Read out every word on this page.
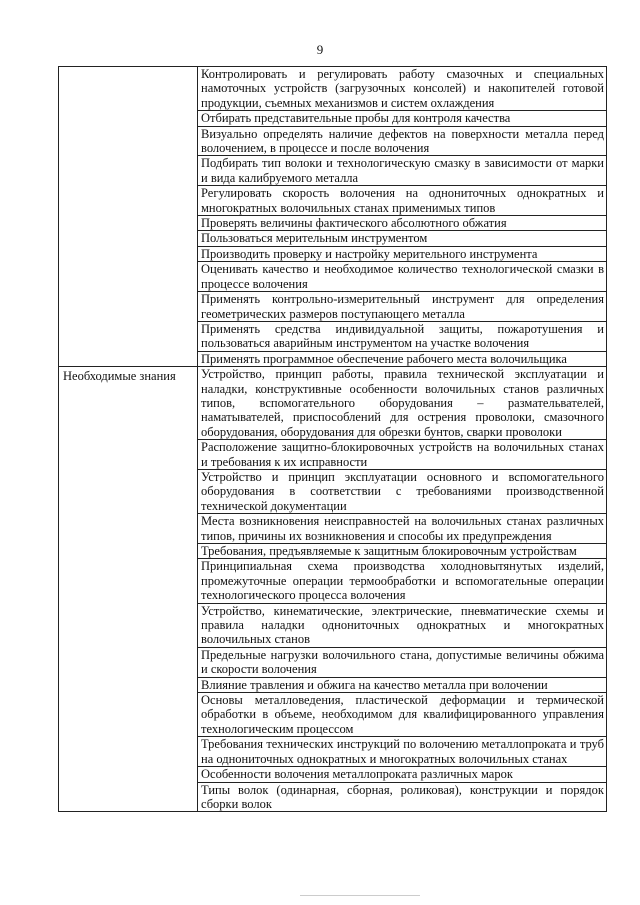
9
	Контролировать и регулировать работу смазочных и специальных намоточных устройств (загрузочных консолей) и накопителей готовой продукции, съемных механизмов и систем охлаждения
	Отбирать представительные пробы для контроля качества
	Визуально определять наличие дефектов на поверхности металла перед волочением, в процессе и после волочения
	Подбирать тип волоки и технологическую смазку в зависимости от марки и вида калибруемого металла
	Регулировать скорость волочения на однониточных однократных и многократных волочильных станах применимых типов
	Проверять величины фактического абсолютного обжатия
	Пользоваться мерительным инструментом
	Производить проверку и настройку мерительного инструмента
	Оценивать качество и необходимое количество технологической смазки в процессе волочения
	Применять контрольно-измерительный инструмент для определения геометрических размеров поступающего металла
	Применять средства индивидуальной защиты, пожаротушения и пользоваться аварийным инструментом на участке волочения
	Применять программное обеспечение рабочего места волочильщика
Необходимые знания	Устройство, принцип работы, правила технической эксплуатации и наладки, конструктивные особенности волочильных станов различных типов, вспомогательного оборудования – размательвателей, наматывателей, приспособлений для острения проволоки, смазочного оборудования, оборудования для обрезки бунтов, сварки проволоки
	Расположение защитно-блокировочных устройств на волочильных станах и требования к их исправности
	Устройство и принцип эксплуатации основного и вспомогательного оборудования в соответствии с требованиями производственной технической документации
	Места возникновения неисправностей на волочильных станах различных типов, причины их возникновения и способы их предупреждения
	Требования, предъявляемые к защитным блокировочным устройствам
	Принципиальная схема производства холодновытянутых изделий, промежуточные операции термообработки и вспомогательные операции технологического процесса волочения
	Устройство, кинематические, электрические, пневматические схемы и правила наладки однониточных однократных и многократных волочильных станов
	Предельные нагрузки волочильного стана, допустимые величины обжима и скорости волочения
	Влияние травления и обжига на качество металла при волочении
	Основы металловедения, пластической деформации и термической обработки в объеме, необходимом для квалифицированного управления технологическим процессом
	Требования технических инструкций по волочению металлопроката и труб на однониточных однократных и многократных волочильных станах
	Особенности волочения металлопроката различных марок
	Типы волок (одинарная, сборная, роликовая), конструкции и порядок сборки волок
